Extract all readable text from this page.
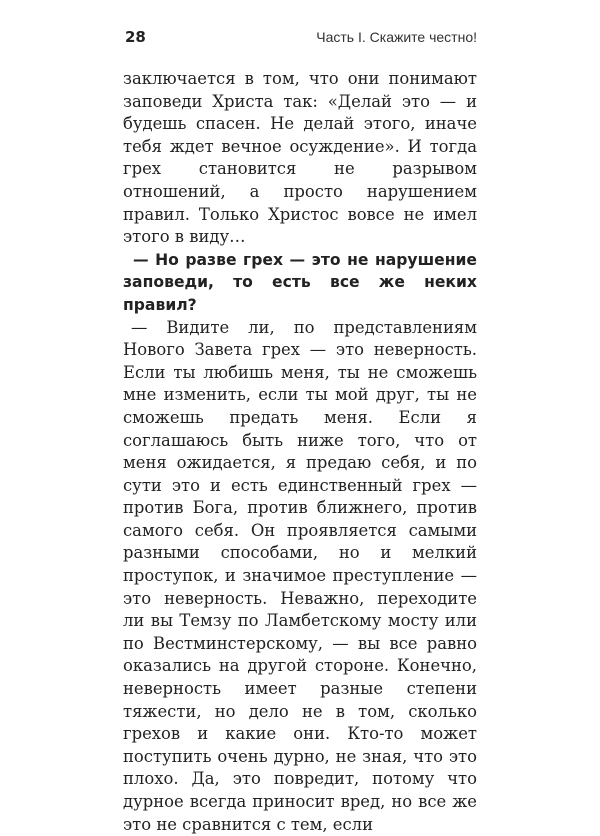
28	Часть I. Скажите честно!

заключается в том, что они понимают заповеди Христа так: «Делай это — и будешь спасен. Не делай этого, иначе тебя ждет вечное осуждение». И тогда грех становится не разрывом отношений, а просто нарушением правил. Только Христос вовсе не имел этого в виду…

— Но разве грех — это не нарушение заповеди, то есть все же неких правил?

— Видите ли, по представлениям Нового Завета грех — это неверность. Если ты любишь меня, ты не сможешь мне изменить, если ты мой друг, ты не сможешь предать меня. Если я соглашаюсь быть ниже того, что от меня ожидается, я предаю себя, и по сути это и есть единственный грех — против Бога, против ближнего, против самого себя. Он проявляется самыми разными способами, но и мелкий проступок, и значимое преступление — это неверность. Неважно, переходите ли вы Темзу по Ламбетскому мосту или по Вестминстерскому, — вы все равно оказались на другой стороне. Конечно, неверность имеет разные степени тяжести, но дело не в том, сколько грехов и какие они. Кто-то может поступить очень дурно, не зная, что это плохо. Да, это повредит, потому что дурное всегда приносит вред, но все же это не сравнится с тем, если
